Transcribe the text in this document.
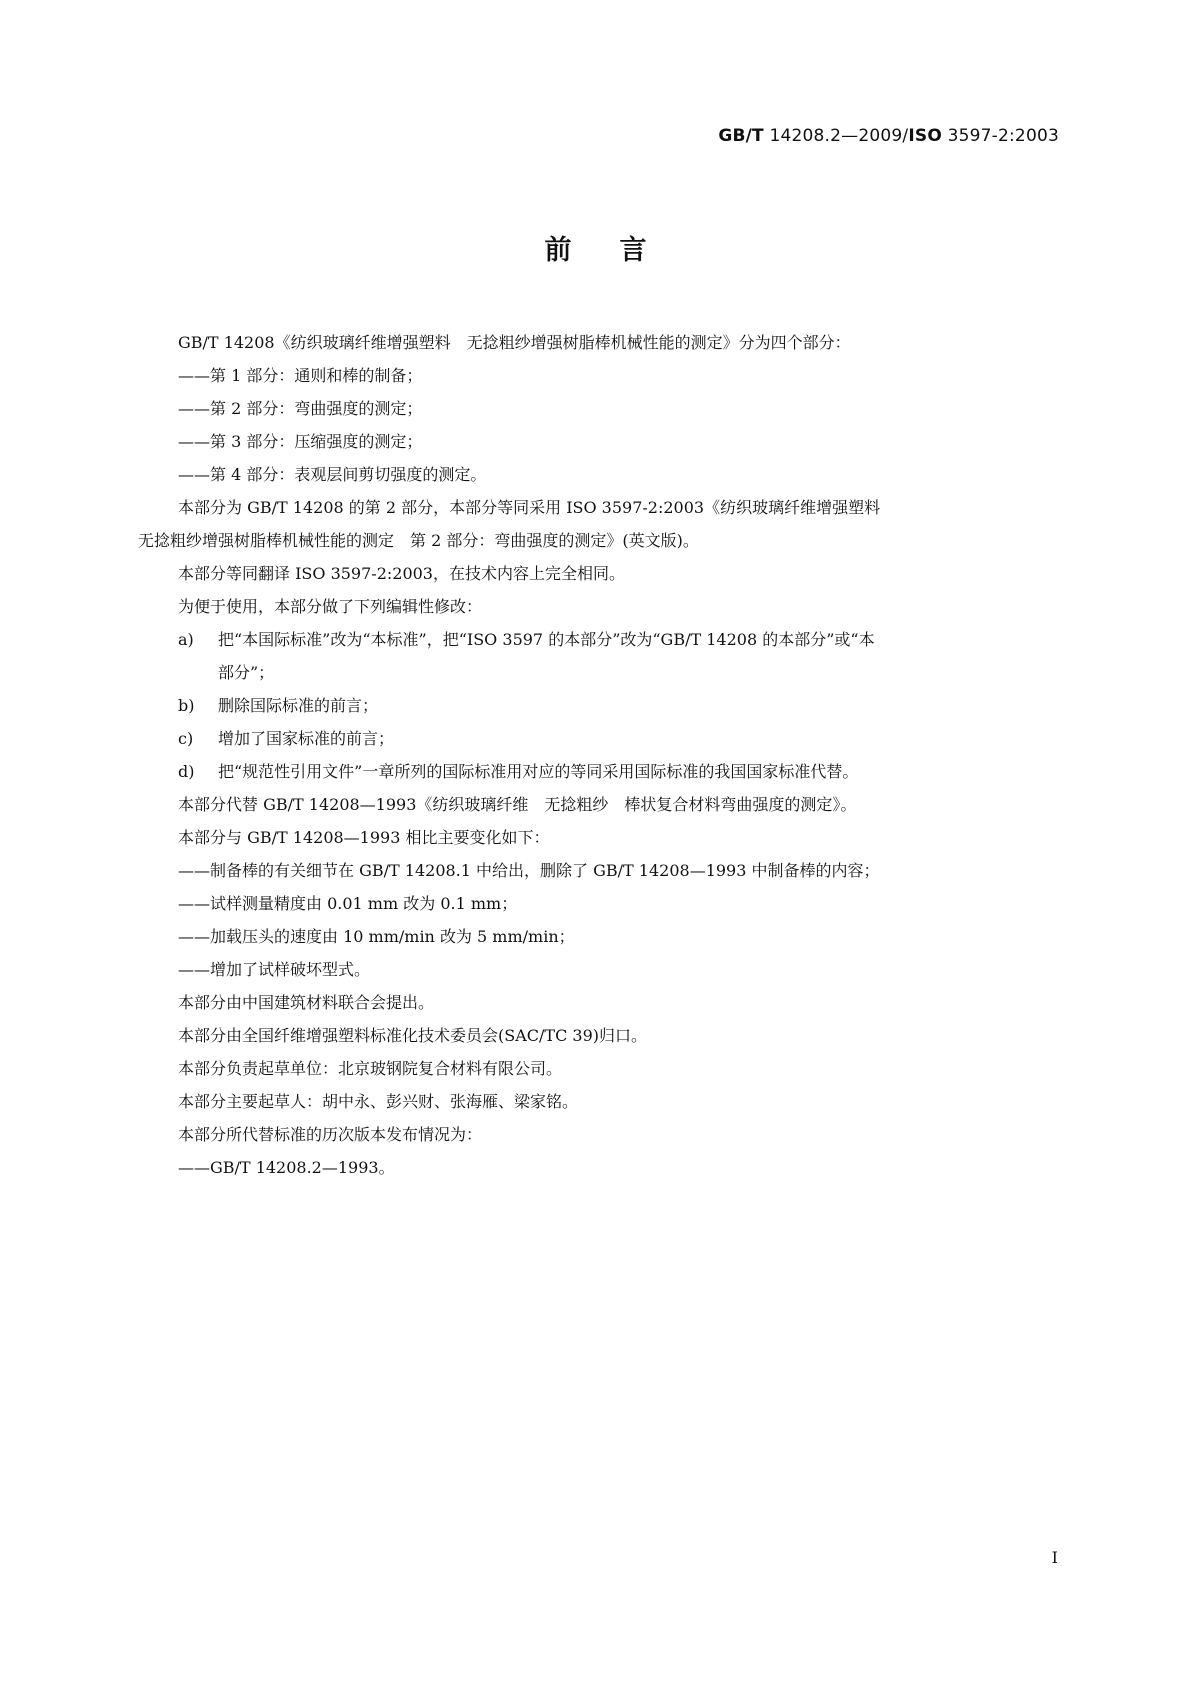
GB/T 14208.2—2009/ISO 3597-2:2003
前言
GB/T 14208《纺织玻璃纤维增强塑料　无捻粗纱增强树脂棒机械性能的测定》分为四个部分：
——第 1 部分：通则和棒的制备；
——第 2 部分：弯曲强度的测定；
——第 3 部分：压缩强度的测定；
——第 4 部分：表观层间剪切强度的测定。
本部分为 GB/T 14208 的第 2 部分，本部分等同采用 ISO 3597-2:2003《纺织玻璃纤维增强塑料
无捻粗纱增强树脂棒机械性能的测定　第 2 部分：弯曲强度的测定》(英文版)。
本部分等同翻译 ISO 3597-2:2003，在技术内容上完全相同。
为便于使用，本部分做了下列编辑性修改：
a) 把“本国际标准”改为“本标准”，把“ISO 3597 的本部分”改为“GB/T 14208 的本部分”或“本
部分”；
b) 删除国际标准的前言；
c) 增加了国家标准的前言；
d) 把“规范性引用文件”一章所列的国际标准用对应的等同采用国际标准的我国国家标准代替。
本部分代替 GB/T 14208—1993《纺织玻璃纤维　无捻粗纱　棒状复合材料弯曲强度的测定》。
本部分与 GB/T 14208—1993 相比主要变化如下：
——制备棒的有关细节在 GB/T 14208.1 中给出，删除了 GB/T 14208—1993 中制备棒的内容；
——试样测量精度由 0.01 mm 改为 0.1 mm；
——加载压头的速度由 10 mm/min 改为 5 mm/min；
——增加了试样破坏型式。
本部分由中国建筑材料联合会提出。
本部分由全国纤维增强塑料标准化技术委员会(SAC/TC 39)归口。
本部分负责起草单位：北京玻钢院复合材料有限公司。
本部分主要起草人：胡中永、彭兴财、张海雁、梁家铭。
本部分所代替标准的历次版本发布情况为：
——GB/T 14208.2—1993。
I
